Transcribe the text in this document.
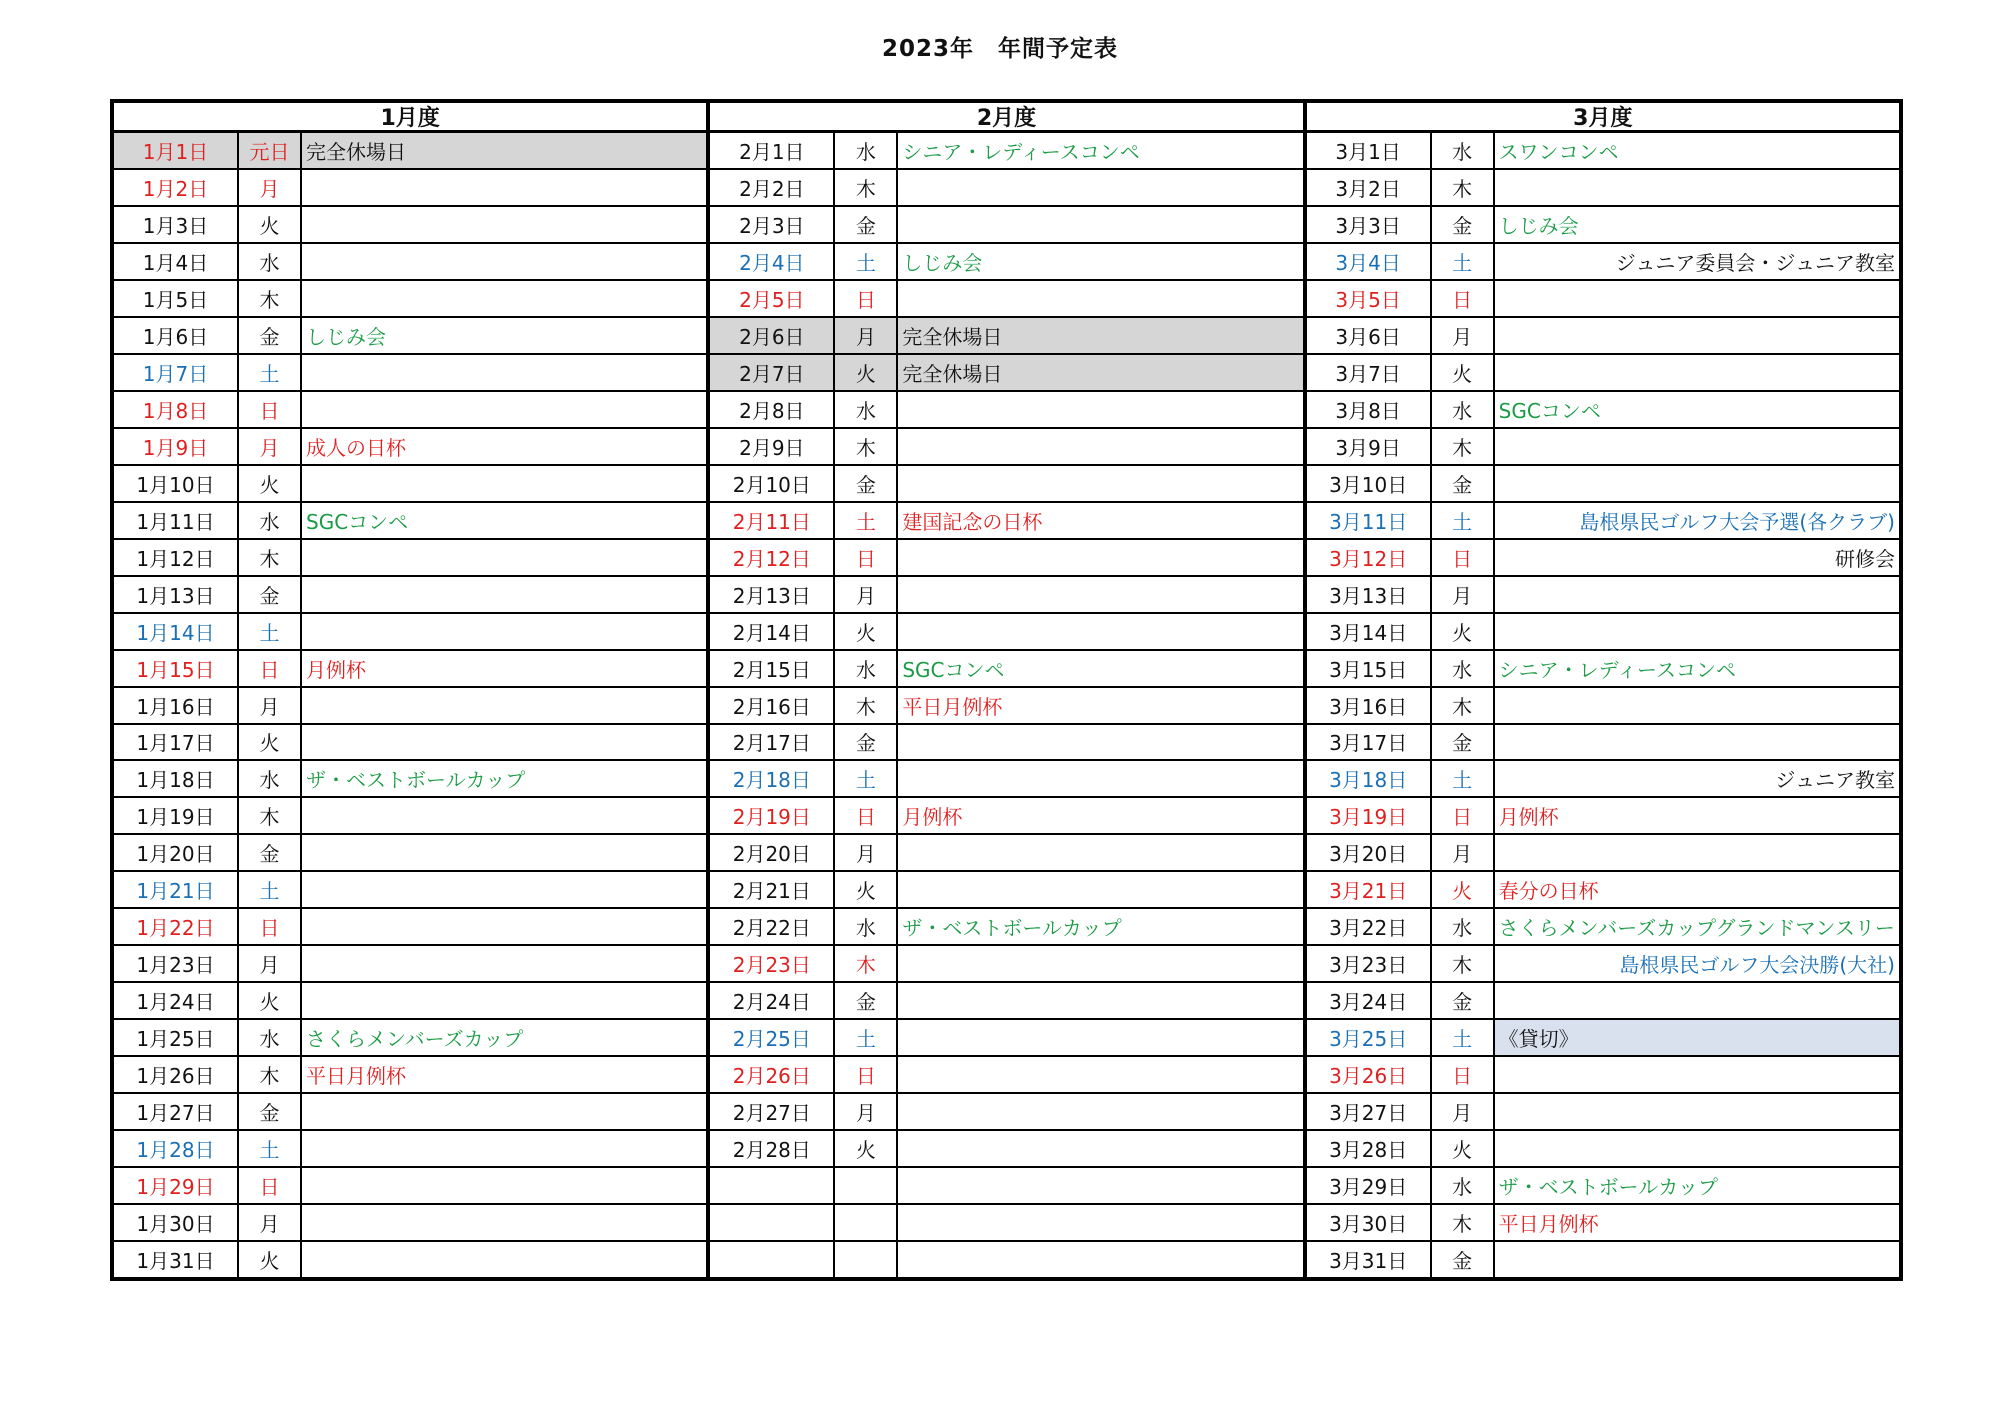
2023年　年間予定表
1月度
1月1日	元日 完全休場日
1月2日	月
1月3日	火
1月4日	水
1月5日	木
1月6日	金	しじみ会
1月7日	土
1月8日	日
1月9日	月	成人の日杯
1月10日	火
1月11日	水	SGCコンペ
1月12日	木
1月13日	金
1月14日	土
1月15日	日	月例杯
1月16日	月
1月17日	火
1月18日	水	ザ・ベストボールカップ
1月19日	木
1月20日	金
1月21日	土
1月22日	日
1月23日	月
1月24日	火
1月25日	水	さくらメンバーズカップ
1月26日	木	平日月例杯
1月27日	金
1月28日	土
1月29日	日
1月30日	月
1月31日	火
2月度
2月1日	水	シニア・レディースコンペ
2月2日	木
2月3日	金
2月4日	土	しじみ会
2月5日	日
2月6日	月	完全休場日
2月7日	火	完全休場日
2月8日	水
2月9日	木
2月10日	金
2月11日	土	建国記念の日杯
2月12日	日
2月13日	月
2月14日	火
2月15日	水	SGCコンペ
2月16日	木	平日月例杯
2月17日	金
2月18日	土
2月19日	日	月例杯
2月20日	月
2月21日	火
2月22日	水	ザ・ベストボールカップ
2月23日	木
2月24日	金
2月25日	土
2月26日	日
2月27日	月
2月28日	火
3月度
3月1日	水	スワンコンペ
3月2日	木
3月3日	金	しじみ会
3月4日	土	ジュニア委員会・ジュニア教室
3月5日	日
3月6日	月
3月7日	火
3月8日	水	SGCコンペ
3月9日	木
3月10日	金
3月11日	土	島根県民ゴルフ大会予選(各クラブ)
3月12日	日	研修会
3月13日	月
3月14日	火
3月15日	水	シニア・レディースコンペ
3月16日	木
3月17日	金
3月18日	土	ジュニア教室
3月19日	日	月例杯
3月20日	月
3月21日	火	春分の日杯
3月22日	水	さくらメンバーズカップグランドマンスリー
3月23日	木	島根県民ゴルフ大会決勝(大社)
3月24日	金
3月25日	土	《貸切》
3月26日	日
3月27日	月
3月28日	火
3月29日	水	ザ・ベストボールカップ
3月30日	木	平日月例杯
3月31日	金
